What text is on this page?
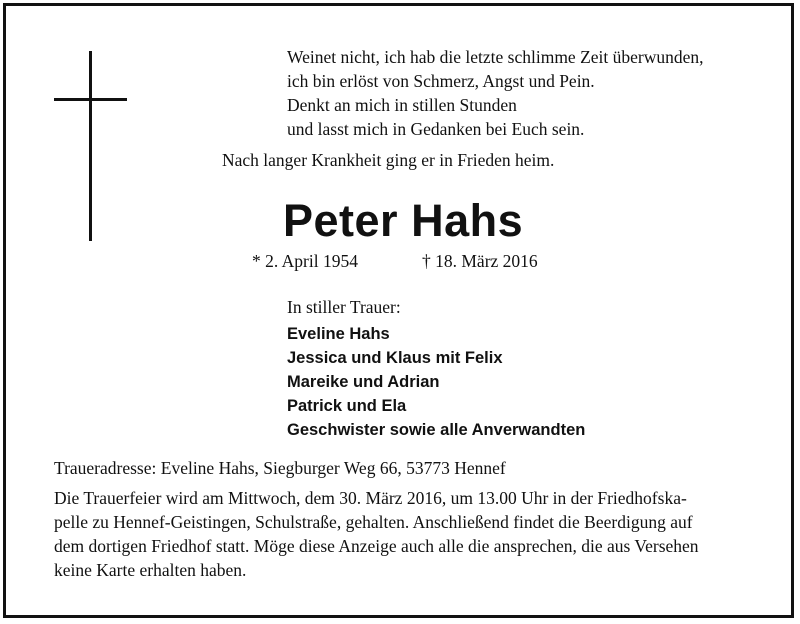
Weinet nicht, ich hab die letzte schlimme Zeit überwunden,
ich bin erlöst von Schmerz, Angst und Pein.
Denkt an mich in stillen Stunden
und lasst mich in Gedanken bei Euch sein.
Nach langer Krankheit ging er in Frieden heim.
Peter Hahs
* 2. April 1954	† 18. März 2016
In stiller Trauer:
Eveline Hahs
Jessica und Klaus mit Felix
Mareike und Adrian
Patrick und Ela
Geschwister sowie alle Anverwandten
Traueradresse: Eveline Hahs, Siegburger Weg 66, 53773 Hennef
Die Trauerfeier wird am Mittwoch, dem 30. März 2016, um 13.00 Uhr in der Friedhofska-
pelle zu Hennef-Geistingen, Schulstraße, gehalten. Anschließend findet die Beerdigung auf
dem dortigen Friedhof statt. Möge diese Anzeige auch alle die ansprechen, die aus Versehen
keine Karte erhalten haben.
